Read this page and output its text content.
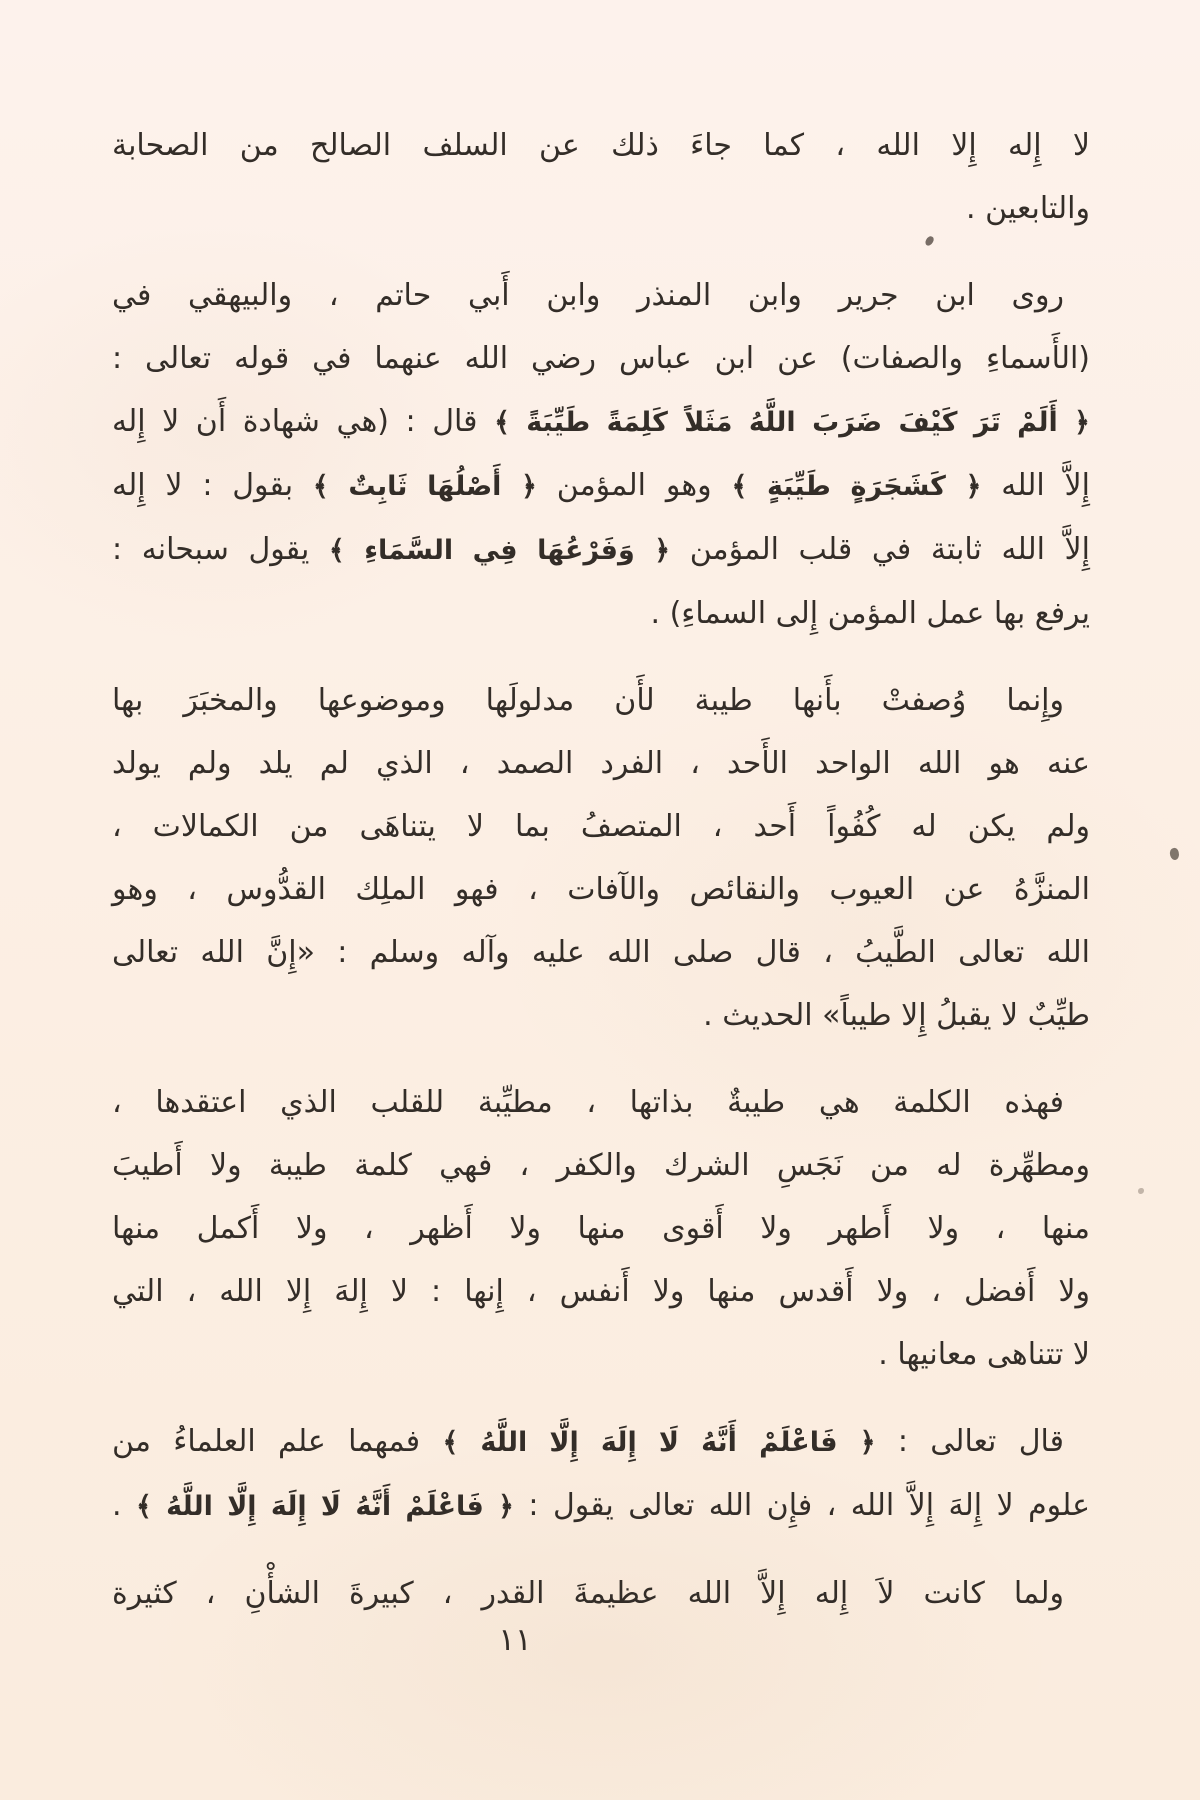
لا إِله إِلا الله ، كما جاءَ ذلك عن السلف الصالح من الصحابة
والتابعين .
روى ابن جرير وابن المنذر وابن أَبي حاتم ، والبيهقي في
(الأَسماءِ والصفات) عن ابن عباس رضي الله عنهما في قوله تعالى :
﴿ أَلَمْ تَرَ كَيْفَ ضَرَبَ اللَّهُ مَثَلاً كَلِمَةً طَيِّبَةً ﴾ قال : (هي شهادة أَن لا إِله
إِلاَّ الله ﴿ كَشَجَرَةٍ طَيِّبَةٍ ﴾ وهو المؤمن ﴿ أَصْلُهَا ثَابِتٌ ﴾ بقول : لا إِله
إِلاَّ الله ثابتة في قلب المؤمن ﴿ وَفَرْعُهَا فِي السَّمَاءِ ﴾ يقول سبحانه :
يرفع بها عمل المؤمن إِلى السماءِ) .
وإِنما وُصفتْ بأَنها طيبة لأَن مدلولَها وموضوعها والمخبَرَ بها
عنه هو الله الواحد الأَحد ، الفرد الصمد ، الذي لم يلد ولم يولد
ولم يكن له كُفُواً أَحد ، المتصفُ بما لا يتناهَى من الكمالات ،
المنزَّهُ عن العيوب والنقائص والآفات ، فهو الملِك القدُّوس ، وهو
الله تعالى الطَّيبُ ، قال صلى الله عليه وآله وسلم : «إِنَّ الله تعالى
طيِّبٌ لا يقبلُ إِلا طيباً» الحديث .
فهذه الكلمة هي طيبةٌ بذاتها ، مطيِّبة للقلب الذي اعتقدها ،
ومطهِّرة له من نَجَسِ الشرك والكفر ، فهي كلمة طيبة ولا أَطيبَ
منها ، ولا أَطهر ولا أَقوى منها ولا أَظهر ، ولا أَكمل منها
ولا أَفضل ، ولا أَقدس منها ولا أَنفس ، إِنها : لا إِلهَ إِلا الله ، التي
لا تتناهى معانيها .
قال تعالى : ﴿ فَاعْلَمْ أَنَّهُ لَا إِلَهَ إِلَّا اللَّهُ ﴾ فمهما علم العلماءُ من
علوم لا إِلهَ إِلاَّ الله ، فإِن الله تعالى يقول : ﴿ فَاعْلَمْ أَنَّهُ لَا إِلَهَ إِلَّا اللَّهُ ﴾ .
ولما كانت لاَ إِله إِلاَّ الله عظيمةَ القدر ، كبيرةَ الشأْنِ ، كثيرة
١١
